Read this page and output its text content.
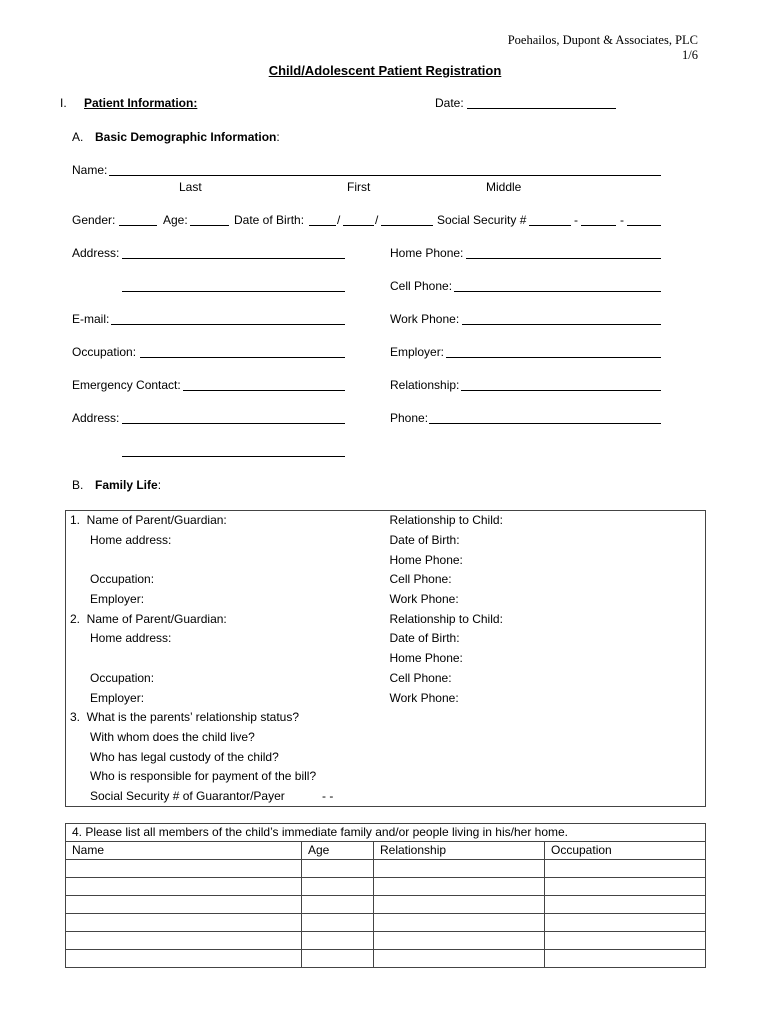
Poehailos, Dupont & Associates, PLC
1/6
Child/Adolescent Patient Registration
I. Patient Information:	Date:
A. Basic Demographic Information:
Name:
Last	First	Middle
Gender:	Age:	Date of Birth:	/	/	Social Security #	-	-
Address:	Home Phone:
Cell Phone:
E-mail:	Work Phone:
Occupation:	Employer:
Emergency Contact:	Relationship:
Address:	Phone:
B. Family Life:
1.  Name of Parent/Guardian:	Relationship to Child:
Home address:	Date of Birth:
	Home Phone:
Occupation:	Cell Phone:
Employer:	Work Phone:
2.  Name of Parent/Guardian:	Relationship to Child:
Home address:	Date of Birth:
	Home Phone:
Occupation:	Cell Phone:
Employer:	Work Phone:
3.  What is the parents’ relationship status?	
With whom does the child live?	
Who has legal custody of the child?	
Who is responsible for payment of the bill?	
Social Security # of Guarantor/Payer		- -
4. Please list all members of the child’s immediate family and/or people living in his/her home.			
Name	Age	Relationship	Occupation
